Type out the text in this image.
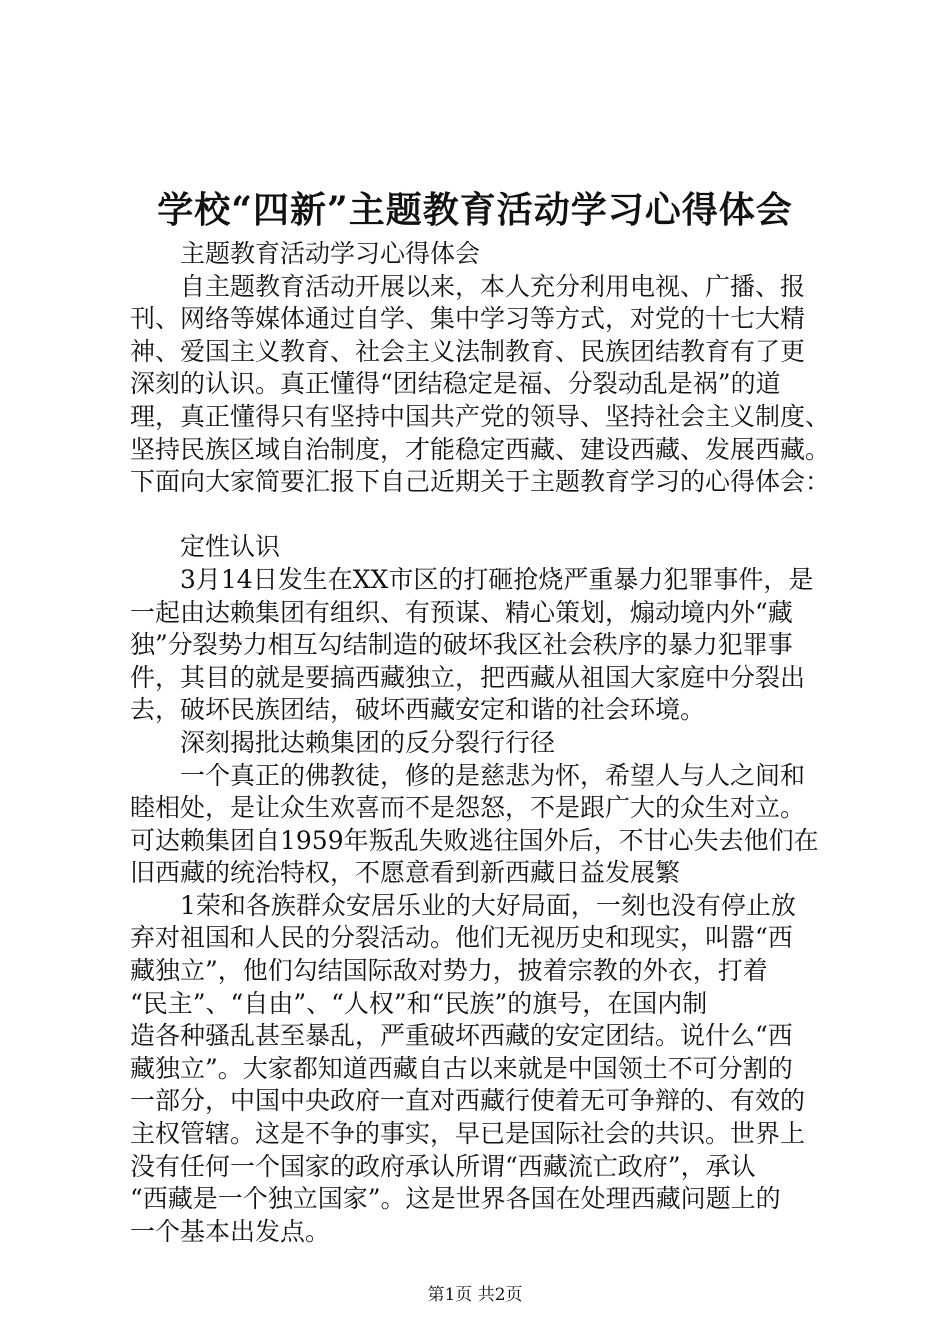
学校“四新”主题教育活动学习心得体会
主题教育活动学习心得体会
自主题教育活动开展以来，本人充分利用电视、广播、报
刊、网络等媒体通过自学、集中学习等方式，对党的十七大精
神、爱国主义教育、社会主义法制教育、民族团结教育有了更
深刻的认识。真正懂得“团结稳定是福、分裂动乱是祸”的道
理，真正懂得只有坚持中国共产党的领导、坚持社会主义制度、
坚持民族区域自治制度，才能稳定西藏、建设西藏、发展西藏。
下面向大家简要汇报下自己近期关于主题教育学习的心得体会：
定性认识
3月14日发生在XX市区的打砸抢烧严重暴力犯罪事件，是
一起由达赖集团有组织、有预谋、精心策划，煽动境内外“藏
独”分裂势力相互勾结制造的破坏我区社会秩序的暴力犯罪事
件，其目的就是要搞西藏独立，把西藏从祖国大家庭中分裂出
去，破坏民族团结，破坏西藏安定和谐的社会环境。
深刻揭批达赖集团的反分裂行行径
一个真正的佛教徒，修的是慈悲为怀，希望人与人之间和
睦相处，是让众生欢喜而不是怨怒，不是跟广大的众生对立。
可达赖集团自1959年叛乱失败逃往国外后，不甘心失去他们在
旧西藏的统治特权，不愿意看到新西藏日益发展繁
1荣和各族群众安居乐业的大好局面，一刻也没有停止放
弃对祖国和人民的分裂活动。他们无视历史和现实，叫嚣“西
藏独立”，他们勾结国际敌对势力，披着宗教的外衣，打着
“民主”、“自由”、“人权”和“民族”的旗号，在国内制
造各种骚乱甚至暴乱，严重破坏西藏的安定团结。说什么“西
藏独立”。大家都知道西藏自古以来就是中国领土不可分割的
一部分，中国中央政府一直对西藏行使着无可争辩的、有效的
主权管辖。这是不争的事实，早已是国际社会的共识。世界上
没有任何一个国家的政府承认所谓“西藏流亡政府”，承认
“西藏是一个独立国家”。这是世界各国在处理西藏问题上的
一个基本出发点。
第1页 共2页
